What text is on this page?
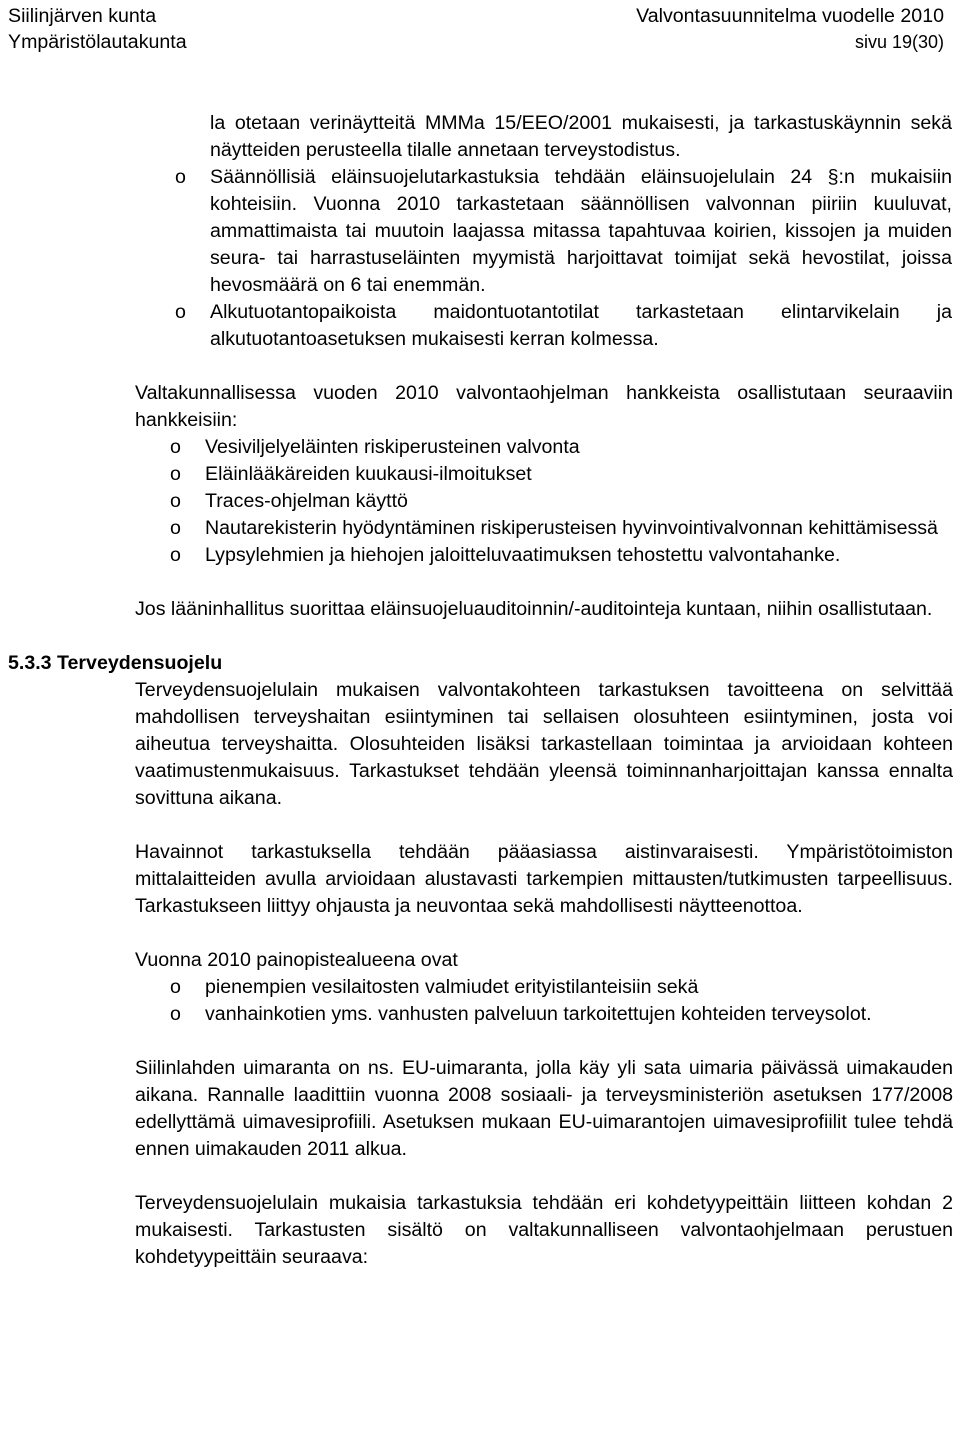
Siilinjärven kunta
Ympäristölautakunta
Valvontasuunnitelma vuodelle 2010
sivu 19(30)
la otetaan verinäytteitä MMMa 15/EEO/2001 mukaisesti, ja tarkastuskäynnin sekä näytteiden perusteella tilalle annetaan terveystodistus.
o Säännöllisiä eläinsuojelutarkastuksia tehdään eläinsuojelulain 24 §:n mukaisiin kohteisiin. Vuonna 2010 tarkastetaan säännöllisen valvonnan piiriin kuuluvat, ammattimaista tai muutoin laajassa mitassa tapahtuvaa koirien, kissojen ja muiden seura- tai harrastuseläinten myymistä harjoittavat toimijat sekä hevostilat, joissa hevosmäärä on 6 tai enemmän.
o Alkutuotantopaikoista maidontuotantotilat tarkastetaan elintarvikelain ja alkutuotantoasetuksen mukaisesti kerran kolmessa.

Valtakunnallisessa vuoden 2010 valvontaohjelman hankkeista osallistutaan seuraaviin hankkeisiin:

o Vesiviljelyeläinten riskiperusteinen valvonta
o Eläinlääkäreiden kuukausi-ilmoitukset
o Traces-ohjelman käyttö
o Nautarekisterin hyödyntäminen riskiperusteisen hyvinvointivalvonnan kehittämisessä
o Lypsylehmien ja hiehojen jaloitteluvaatimuksen tehostettu valvontahanke.

Jos lääninhallitus suorittaa eläinsuojeluauditoinnin/-auditointeja kuntaan, niihin osallistutaan.

5.3.3 Terveydensuojelu

Terveydensuojelulain mukaisen valvontakohteen tarkastuksen tavoitteena on selvittää mahdollisen terveyshaitan esiintyminen tai sellaisen olosuhteen esiintyminen, josta voi aiheutua terveyshaitta. Olosuhteiden lisäksi tarkastellaan toimintaa ja arvioidaan kohteen vaatimustenmukaisuus. Tarkastukset tehdään yleensä toiminnanharjoittajan kanssa ennalta sovittuna aikana.

Havainnot tarkastuksella tehdään pääasiassa aistinvaraisesti. Ympäristötoimiston mittalaitteiden avulla arvioidaan alustavasti tarkempien mittausten/tutkimusten tarpeellisuus. Tarkastukseen liittyy ohjausta ja neuvontaa sekä mahdollisesti näytteenottoa.

Vuonna 2010 painopistealueena ovat

o pienempien vesilaitosten valmiudet erityistilanteisiin sekä
o vanhainkotien yms. vanhusten palveluun tarkoitettujen kohteiden terveysolot.

Siilinlahden uimaranta on ns. EU-uimaranta, jolla käy yli sata uimaria päivässä uimakauden aikana. Rannalle laadittiin vuonna 2008 sosiaali- ja terveysministeriön asetuksen 177/2008 edellyttämä uimavesiprofiili. Asetuksen mukaan EU-uimarantojen uimavesiprofiilit tulee tehdä ennen uimakauden 2011 alkua.

Terveydensuojelulain mukaisia tarkastuksia tehdään eri kohdetyypeittäin liitteen kohdan 2 mukaisesti. Tarkastusten sisältö on valtakunnalliseen valvontaohjelmaan perustuen kohdetyypeittäin seuraava:
